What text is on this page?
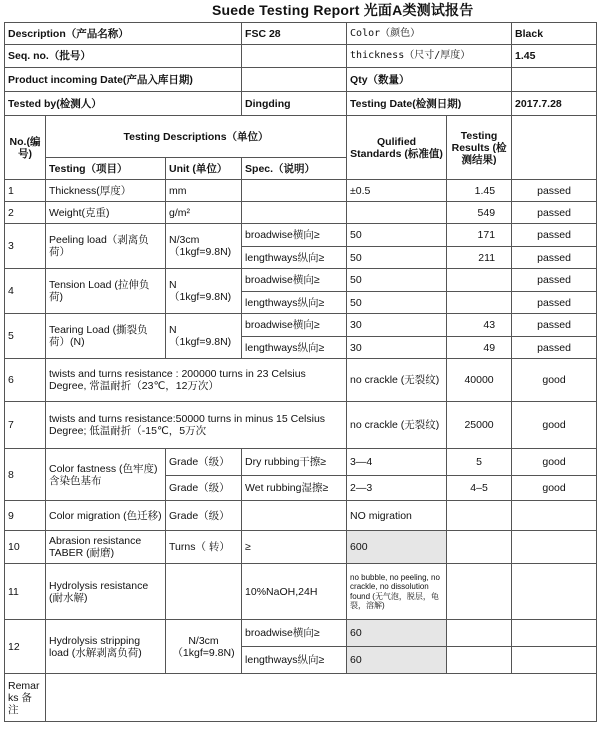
Suede Testing Report 光面A类测试报告
Description（产品名称）			FSC 28	Color（颜色）		Black
Seq. no.（批号）				thickness（尺寸/厚度）		1.45
Product incoming Date(产品入库日期)				Qty（数量）		
Tested by(检测人）			Dingding	Testing Date(检测日期)		2017.7.28
No.(编号)	Testing Descriptions（单位）			Qulified Standards (标准值)	Testing Results (检测结果)	
	Testing（项目）	Unit (单位）	Spec.（说明）			
1	Thickness(厚度）	mm		±0.5	1.45	passed
2	Weight(克重)	g/m²			549	passed
3	Peeling load（剥离负荷）	N/3cm （1kgf=9.8N)	broadwise横向≥	50	171	passed
			lengthways纵向≥	50	211	passed
4	Tension Load (拉伸负荷)	N （1kgf=9.8N)	broadwise横向≥	50		passed
			lengthways纵向≥	50		passed
5	Tearing Load (撕裂负荷）(N)	N （1kgf=9.8N)	broadwise横向≥	30	43	passed
			lengthways纵向≥	30	49	passed
6	twists and turns resistance : 200000 turns in 23 Celsius Degree, 常温耐折（23℃，12万次）			no crackle (无裂纹)	40000	good
7	twists and turns resistance:50000 turns in minus 15 Celsius Degree; 低温耐折（-15℃，5万次			no crackle (无裂纹)	25000	good
8	Color fastness (色牢度) 含染色基布	Grade（级）	Dry rubbing干擦≥	3—4	5	good
		Grade（级）	Wet rubbing湿擦≥	2—3	4–5	good
9	Color migration (色迁移)	Grade（级）		NO migration		
10	Abrasion resistance TABER (耐磨)	Turns（ 转）	≥	600		
11	Hydrolysis resistance (耐水解)		10%NaOH,24H	no bubble, no peeling, no crackle, no dissolution found (无气泡，脱层，龟裂，溶解)		
12	Hydrolysis stripping load (水解剥离负荷)	N/3cm （1kgf=9.8N)	broadwise横向≥	60		
			lengthways纵向≥	60		
Remarks 备注						
